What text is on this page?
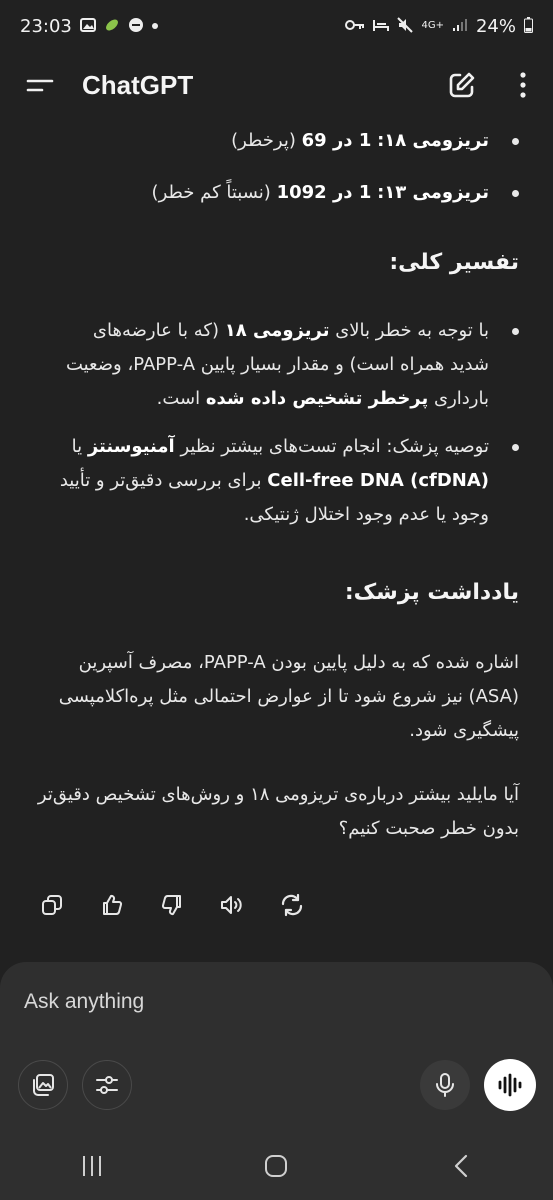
23:03	4G+ 24%
ChatGPT
تریزومی ۱۸: 1 در 69 (پرخطر)
تریزومی ۱۳: 1 در 1092 (نسبتاً کم خطر)
تفسیر کلی:
با توجه به خطر بالای تریزومی ۱۸ (که با عارضه‌های شدید همراه است) و مقدار بسیار پایین PAPP-A، وضعیت بارداری پرخطر تشخیص داده شده است.
توصیه پزشک: انجام تست‌های بیشتر نظیر آمنیوسنتز یا Cell-free DNA (cfDNA) برای بررسی دقیق‌تر و تأیید وجود یا عدم وجود اختلال ژنتیکی.
یادداشت پزشک:
اشاره شده که به دلیل پایین بودن PAPP-A، مصرف آسپرین (ASA) نیز شروع شود تا از عوارض احتمالی مثل پره‌اکلامپسی پیشگیری شود.
آیا مایلید بیشتر درباره‌ی تریزومی ۱۸ و روش‌های تشخیص دقیق‌تر بدون خطر صحبت کنیم؟
Ask anything
